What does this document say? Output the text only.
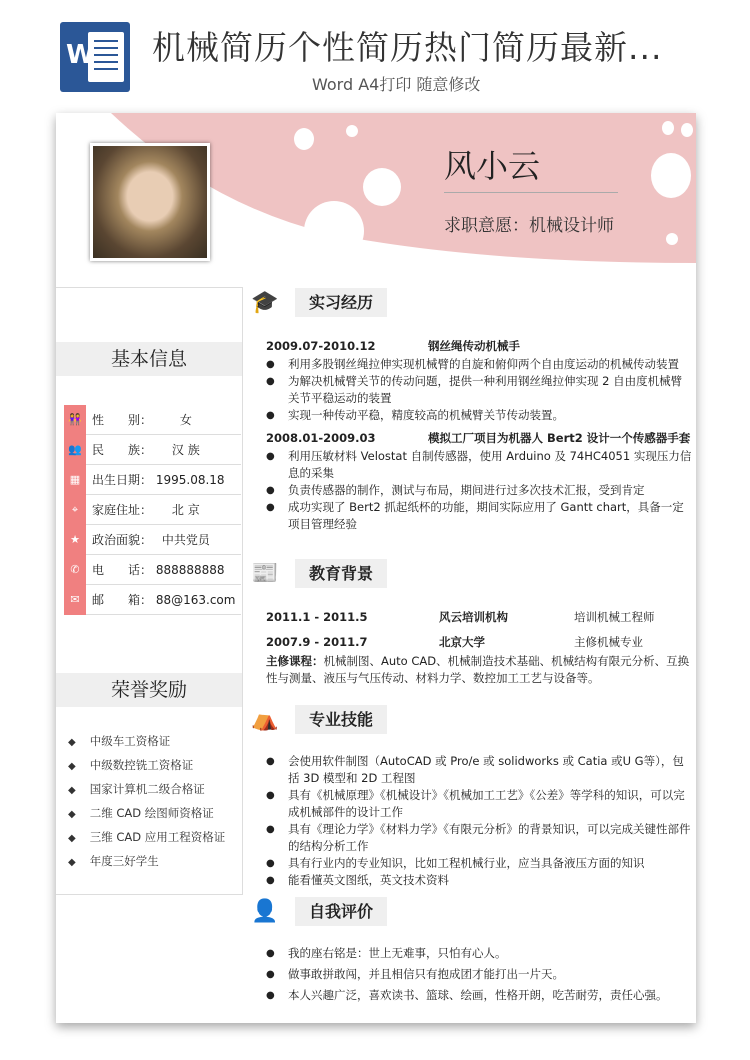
W 机械简历个性简历热门简历最新...
Word A4打印 随意修改
风小云
求职意愿：机械设计师
基本信息
荣誉奖励
👭 性　　别： 女
👥 民　　族： 汉 族
▦ 出生日期： 1995.08.18
⌖	家庭住址： 北 京
★	政治面貌： 中共党员
✆	电　　话： 888888888
✉	邮　　箱： 88@163.com
◆ 中级车工资格证
◆ 中级数控铣工资格证
◆ 国家计算机二级合格证
◆ 二维 CAD 绘图师资格证
◆ 三维 CAD 应用工程资格证
◆ 年度三好学生
🎓	实习经历
2009.07-2010.12	钢丝绳传动机械手
● 利用多股钢丝绳拉伸实现机械臂的自旋和俯仰两个自由度运动的机械传动装置
● 为解决机械臂关节的传动问题，提供一种利用钢丝绳拉伸实现 2 自由度机械臂关节平稳运动的装置
● 实现一种传动平稳，精度较高的机械臂关节传动装置。
2008.01-2009.03	模拟工厂项目为机器人 Bert2 设计一个传感器手套
● 利用压敏材料 Velostat 自制传感器，使用 Arduino 及 74HC4051 实现压力信息的采集
● 负责传感器的制作，测试与布局，期间进行过多次技术汇报，受到肯定
● 成功实现了 Bert2 抓起纸杯的功能，期间实际应用了 Gantt chart，具备一定项目管理经验
📰	教育背景
2011.1 - 2011.5	风云培训机构	培训机械工程师
2007.9 - 2011.7	北京大学	主修机械专业
主修课程：机械制图、Auto CAD、机械制造技术基础、机械结构有限元分析、互换性与测量、液压与气压传动、材料力学、数控加工工艺与设备等。
⛺	专业技能
● 会使用软件制图（AutoCAD 或 Pro/e 或 solidworks 或 Catia 或U G等），包括 3D 模型和 2D 工程图
● 具有《机械原理》《机械设计》《机械加工工艺》《公差》等学科的知识，可以完成机械部件的设计工作
● 具有《理论力学》《材料力学》《有限元分析》的背景知识，可以完成关键性部件的结构分析工作
● 具有行业内的专业知识，比如工程机械行业，应当具备液压方面的知识
● 能看懂英文图纸，英文技术资料
👤	自我评价
● 我的座右铭是：世上无难事，只怕有心人。
● 做事敢拼敢闯，并且相信只有抱成团才能打出一片天。
● 本人兴趣广泛，喜欢读书、篮球、绘画，性格开朗，吃苦耐劳，责任心强。
